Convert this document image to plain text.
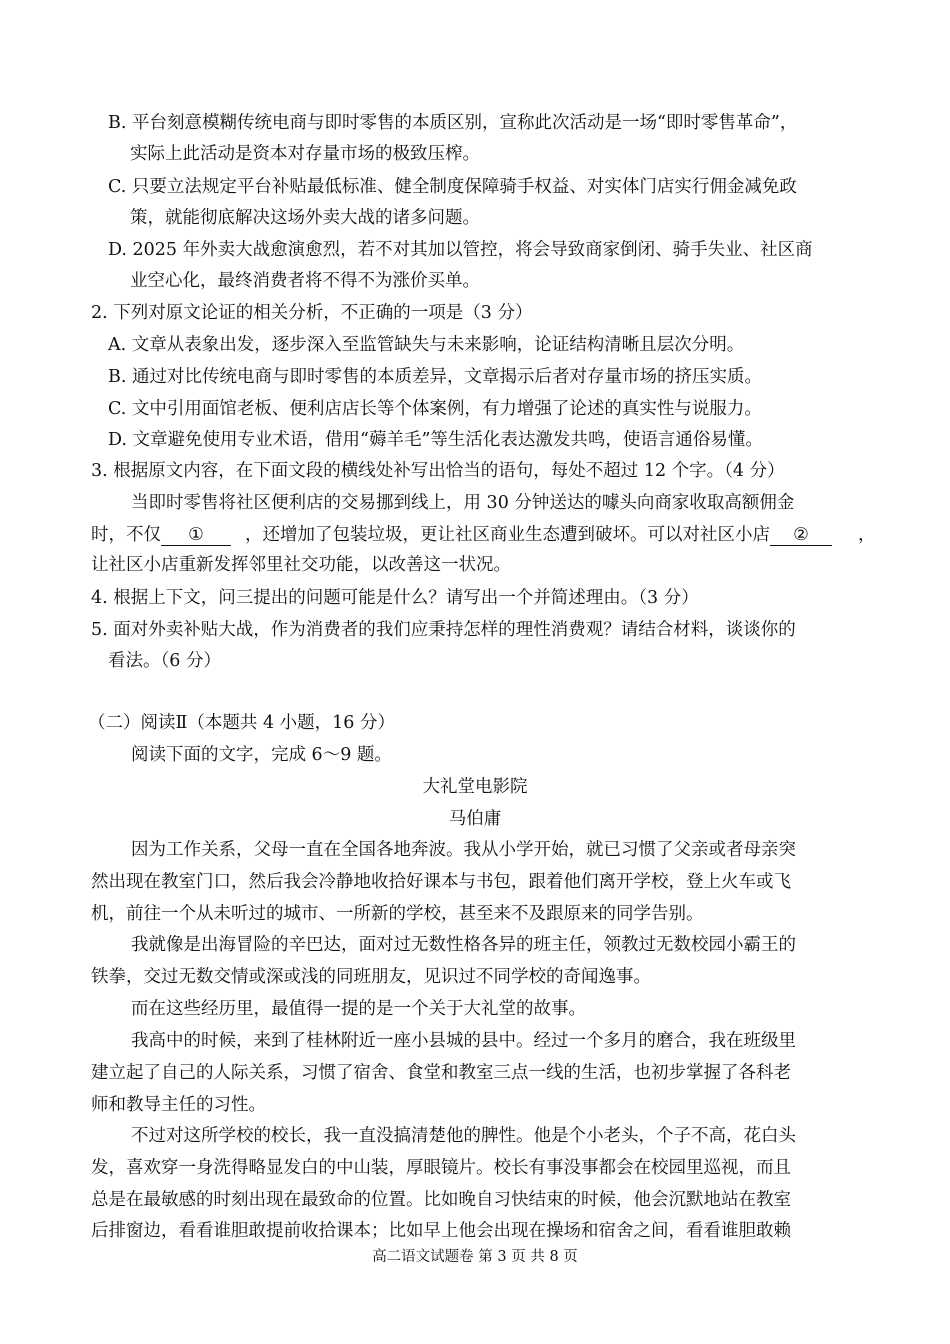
B. 平台刻意模糊传统电商与即时零售的本质区别，宣称此次活动是一场“即时零售革命”，
实际上此活动是资本对存量市场的极致压榨。
C. 只要立法规定平台补贴最低标准、健全制度保障骑手权益、对实体门店实行佣金减免政
策，就能彻底解决这场外卖大战的诸多问题。
D. 2025 年外卖大战愈演愈烈，若不对其加以管控，将会导致商家倒闭、骑手失业、社区商
业空心化，最终消费者将不得不为涨价买单。
2. 下列对原文论证的相关分析，不正确的一项是（3 分）
A. 文章从表象出发，逐步深入至监管缺失与未来影响，论证结构清晰且层次分明。
B. 通过对比传统电商与即时零售的本质差异，文章揭示后者对存量市场的挤压实质。
C. 文中引用面馆老板、便利店店长等个体案例，有力增强了论述的真实性与说服力。
D. 文章避免使用专业术语，借用“薅羊毛”等生活化表达激发共鸣，使语言通俗易懂。
3. 根据原文内容，在下面文段的横线处补写出恰当的语句，每处不超过 12 个字。（4 分）
当即时零售将社区便利店的交易挪到线上，用 30 分钟送达的噱头向商家收取高额佣金
时，不仅 ① ，还增加了包装垃圾，更让社区商业生态遭到破坏。可以对社区小店 ②	，
让社区小店重新发挥邻里社交功能，以改善这一状况。
4. 根据上下文，问三提出的问题可能是什么？请写出一个并简述理由。（3 分）
5. 面对外卖补贴大战，作为消费者的我们应秉持怎样的理性消费观？请结合材料，谈谈你的
看法。（6 分）
（二）阅读Ⅱ（本题共 4 小题，16 分）
阅读下面的文字，完成 6～9 题。
大礼堂电影院
马伯庸
因为工作关系，父母一直在全国各地奔波。我从小学开始，就已习惯了父亲或者母亲突
然出现在教室门口，然后我会冷静地收拾好课本与书包，跟着他们离开学校，登上火车或飞
机，前往一个从未听过的城市、一所新的学校，甚至来不及跟原来的同学告别。
我就像是出海冒险的辛巴达，面对过无数性格各异的班主任，领教过无数校园小霸王的
铁拳，交过无数交情或深或浅的同班朋友，见识过不同学校的奇闻逸事。
而在这些经历里，最值得一提的是一个关于大礼堂的故事。
我高中的时候，来到了桂林附近一座小县城的县中。经过一个多月的磨合，我在班级里
建立起了自己的人际关系，习惯了宿舍、食堂和教室三点一线的生活，也初步掌握了各科老
师和教导主任的习性。
不过对这所学校的校长，我一直没搞清楚他的脾性。他是个小老头，个子不高，花白头
发，喜欢穿一身洗得略显发白的中山装，厚眼镜片。校长有事没事都会在校园里巡视，而且
总是在最敏感的时刻出现在最致命的位置。比如晚自习快结束的时候，他会沉默地站在教室
后排窗边，看看谁胆敢提前收拾课本；比如早上他会出现在操场和宿舍之间，看看谁胆敢赖
高二语文试题卷 第 3 页 共 8 页
